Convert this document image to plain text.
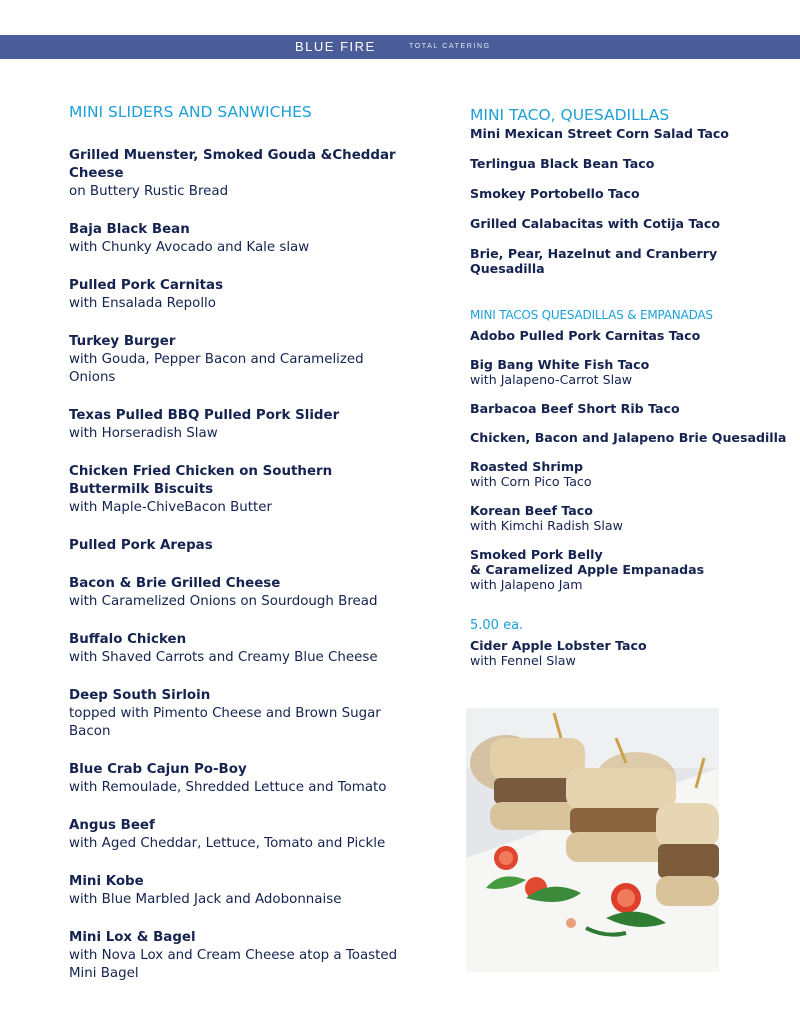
BLUE FIRE	TOTAL CATERING
MINI SLIDERS AND SANWICHES
Grilled Muenster, Smoked Gouda &Cheddar Cheese
on Buttery Rustic Bread
Baja Black Bean
with Chunky Avocado and Kale slaw
Pulled Pork Carnitas
with Ensalada Repollo
Turkey Burger
with Gouda, Pepper Bacon and Caramelized Onions
Texas Pulled BBQ Pulled Pork Slider
with Horseradish Slaw
Chicken Fried Chicken on Southern Buttermilk Biscuits
with Maple-ChiveBacon Butter
Pulled Pork Arepas
Bacon & Brie Grilled Cheese
with Caramelized Onions on Sourdough Bread
Buffalo Chicken
with Shaved Carrots and Creamy Blue Cheese
Deep South Sirloin
topped with Pimento Cheese and Brown Sugar Bacon
Blue Crab Cajun Po-Boy
with Remoulade, Shredded Lettuce and Tomato
Angus Beef
with Aged Cheddar, Lettuce, Tomato and Pickle
Mini Kobe
with Blue Marbled Jack and Adobonnaise
Mini Lox & Bagel
with Nova Lox and Cream Cheese atop a Toasted Mini Bagel
MINI TACO, QUESADILLAS
Mini Mexican Street Corn Salad Taco
Terlingua Black Bean Taco
Smokey Portobello Taco
Grilled Calabacitas with Cotija Taco
Brie, Pear, Hazelnut and Cranberry Quesadilla
MINI TACOS QUESADILLAS & EMPANADAS
Adobo Pulled Pork Carnitas Taco
Big Bang White Fish Taco
with Jalapeno-Carrot Slaw
Barbacoa Beef Short Rib Taco
Chicken, Bacon and Jalapeno Brie Quesadilla
Roasted Shrimp
with Corn Pico Taco
Korean Beef Taco
with Kimchi Radish Slaw
Smoked Pork Belly
& Caramelized Apple Empanadas
with Jalapeno Jam
5.00 ea.
Cider Apple Lobster Taco
with Fennel Slaw
